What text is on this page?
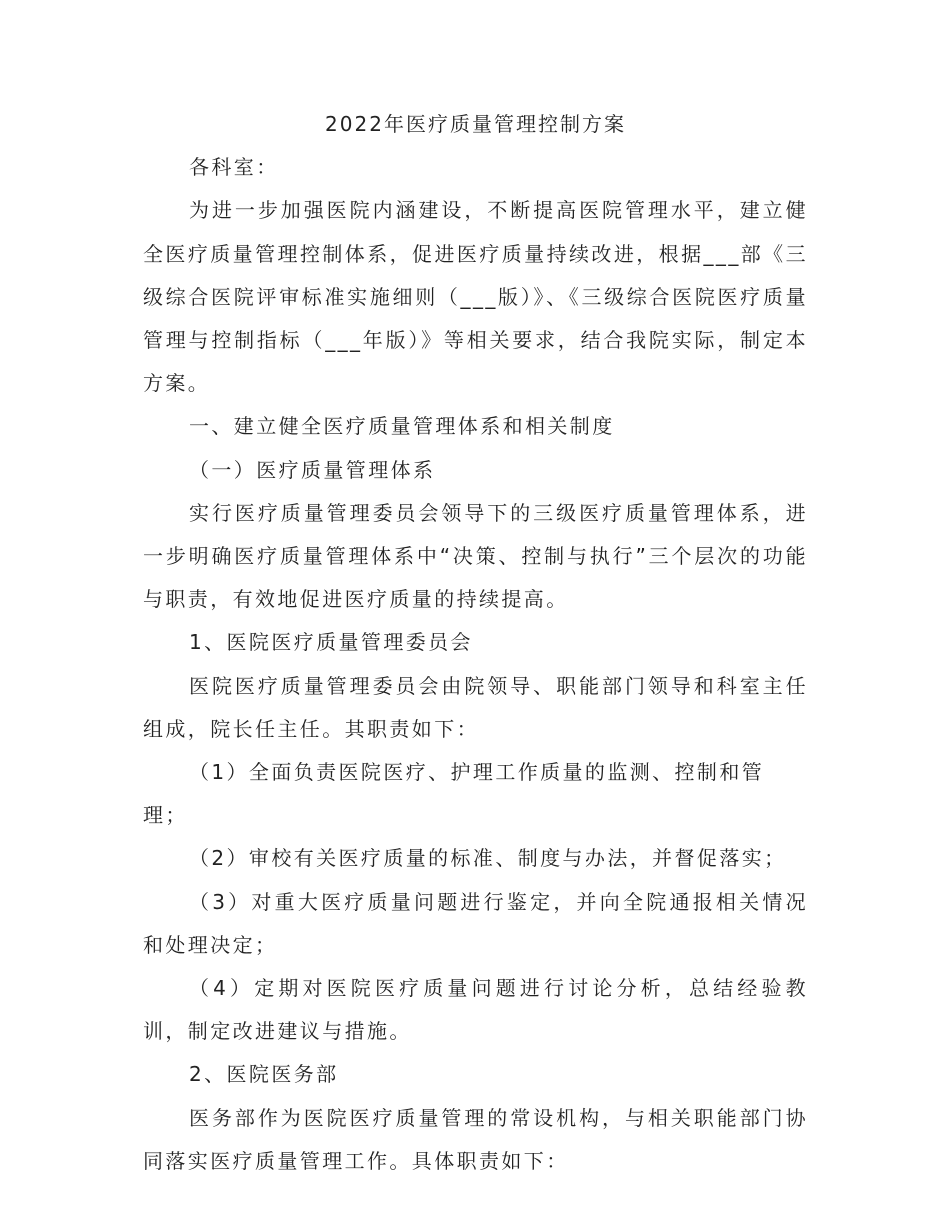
2022年医疗质量管理控制方案

各科室：

为进一步加强医院内涵建设，不断提高医院管理水平，建立健全医疗质量管理控制体系，促进医疗质量持续改进，根据___部《三级综合医院评审标准实施细则（___版）》、《三级综合医院医疗质量管理与控制指标（___年版）》等相关要求，结合我院实际，制定本方案。

一、建立健全医疗质量管理体系和相关制度

（一）医疗质量管理体系

实行医疗质量管理委员会领导下的三级医疗质量管理体系，进一步明确医疗质量管理体系中“决策、控制与执行”三个层次的功能与职责，有效地促进医疗质量的持续提高。

1、医院医疗质量管理委员会

医院医疗质量管理委员会由院领导、职能部门领导和科室主任组成，院长任主任。其职责如下：

（1）全面负责医院医疗、护理工作质量的监测、控制和管理；

（2）审校有关医疗质量的标准、制度与办法，并督促落实；

（3）对重大医疗质量问题进行鉴定，并向全院通报相关情况和处理决定；

（4）定期对医院医疗质量问题进行讨论分析，总结经验教训，制定改进建议与措施。

2、医院医务部

医务部作为医院医疗质量管理的常设机构，与相关职能部门协同落实医疗质量管理工作。具体职责如下：
